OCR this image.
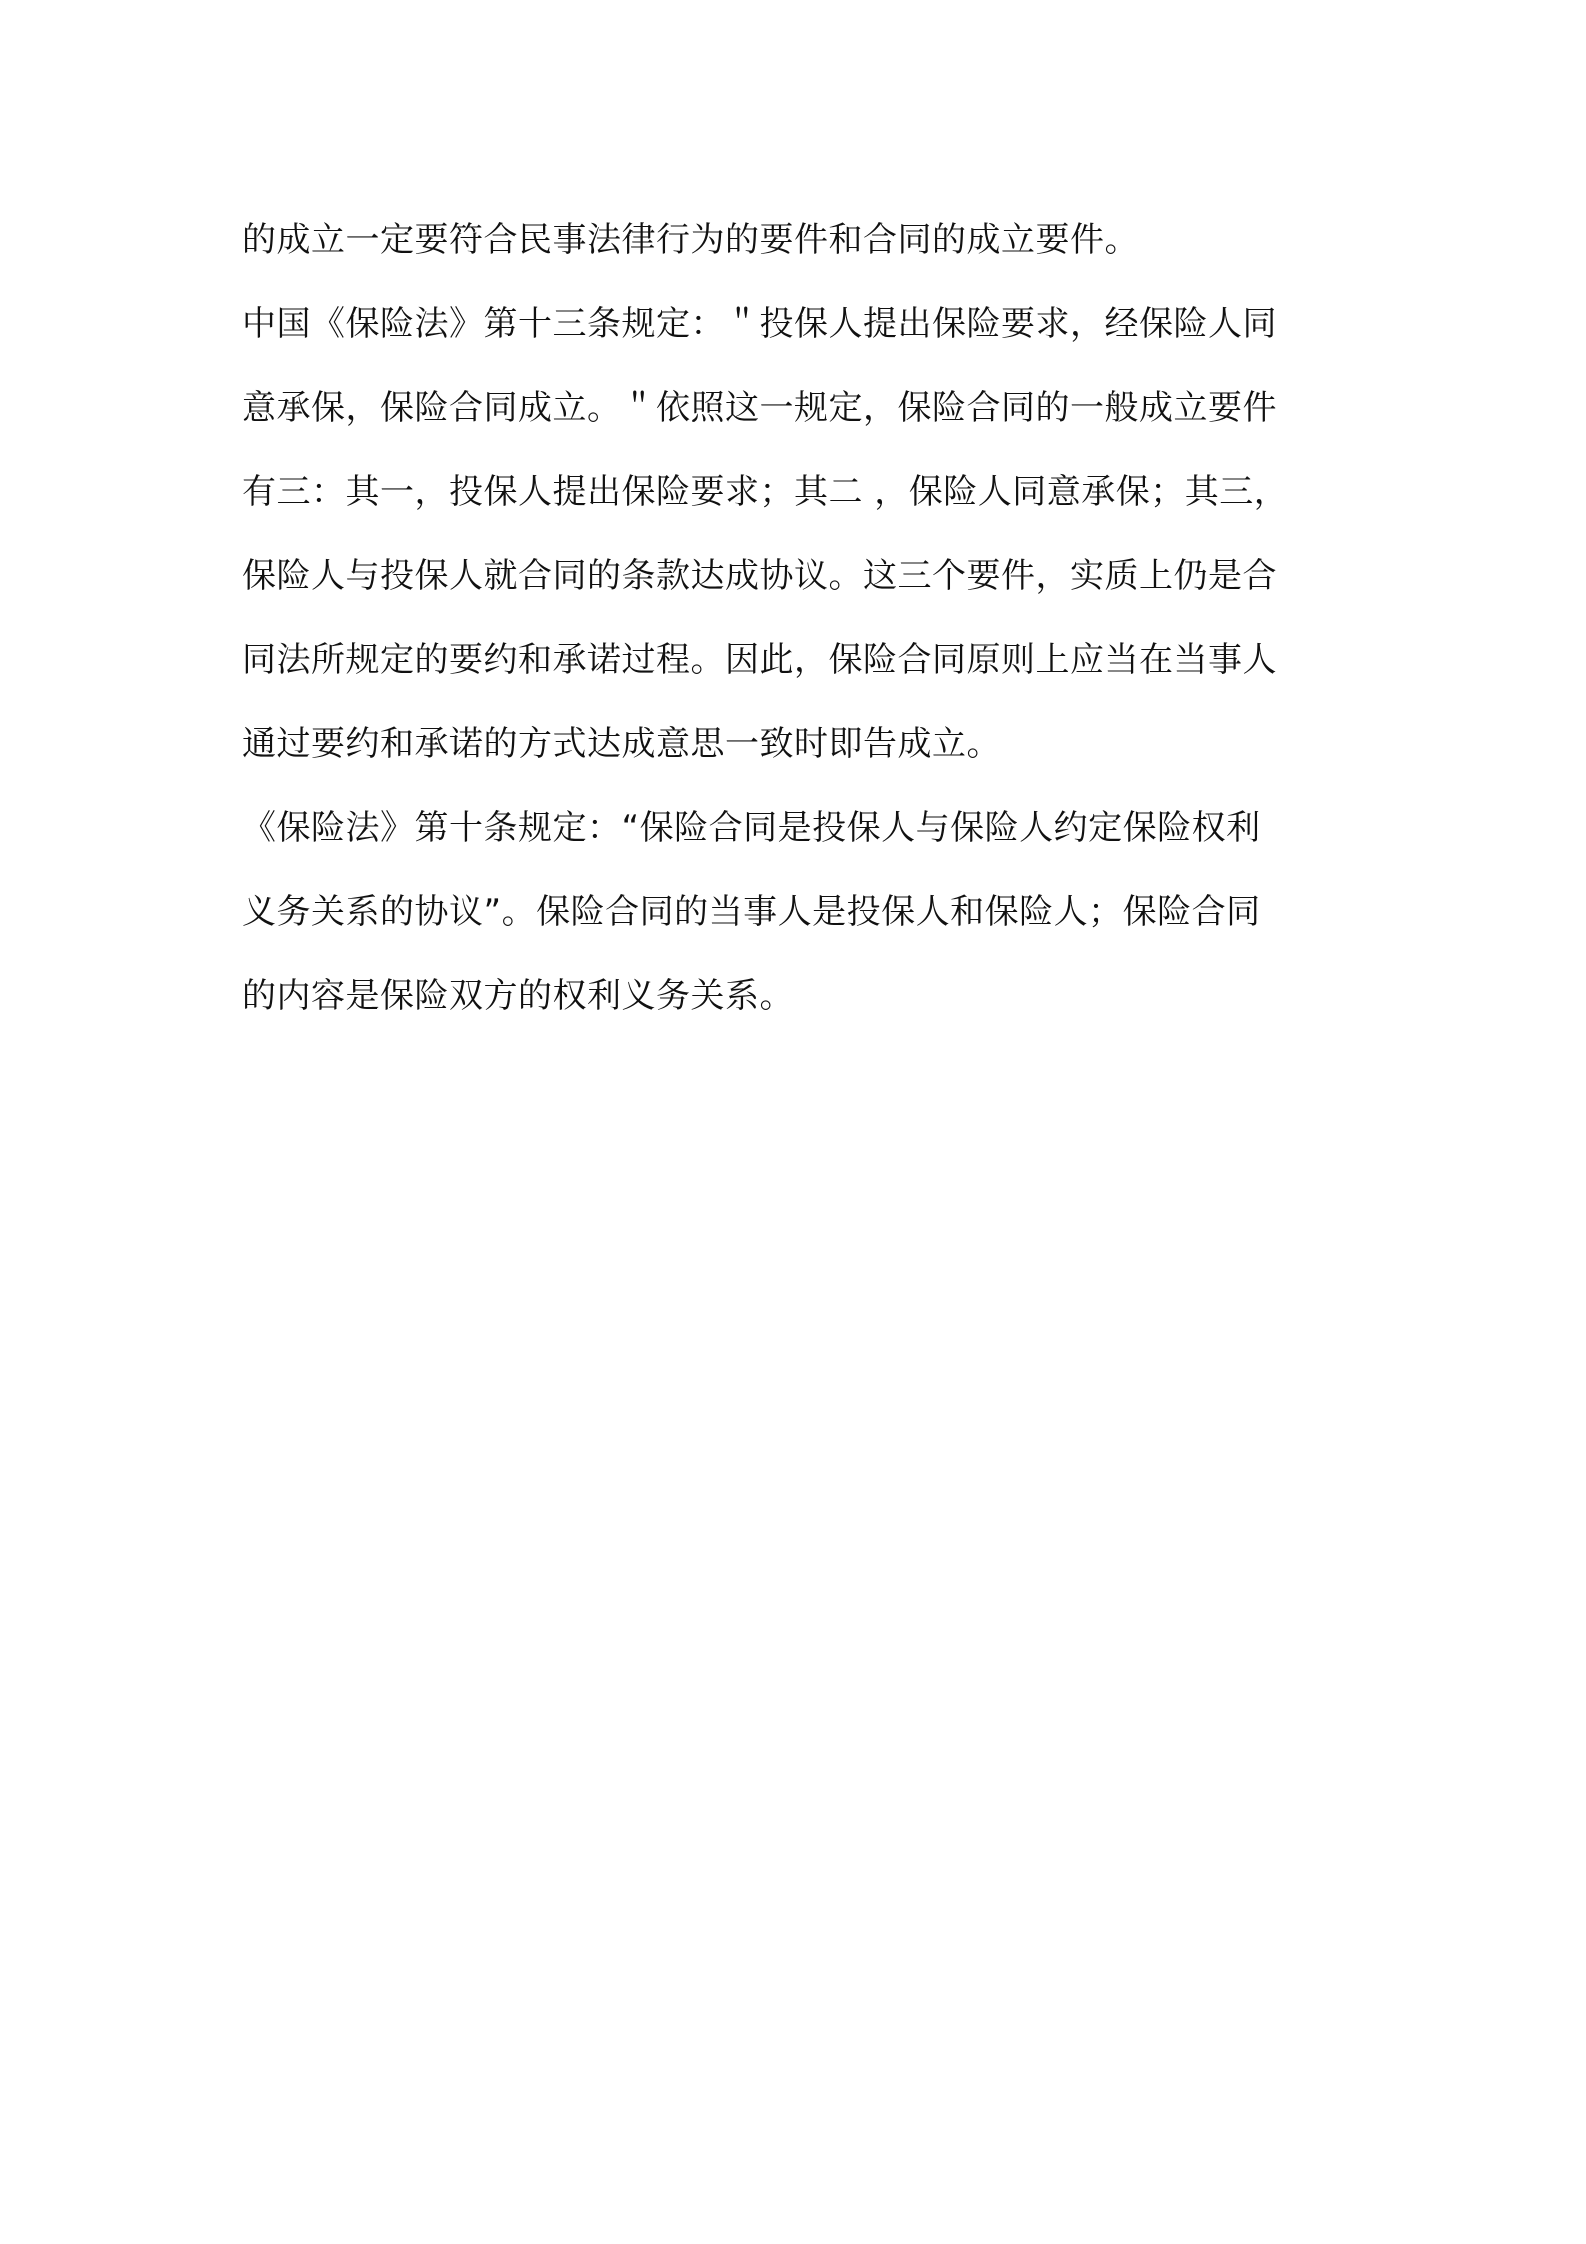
的成立一定要符合民事法律行为的要件和合同的成立要件。
中国《保险法》第十三条规定：＂投保人提出保险要求，经保险人同
意承保，保险合同成立。＂依照这一规定，保险合同的一般成立要件
有三：其一，投保人提出保险要求；其二 ，保险人同意承保；其三，
保险人与投保人就合同的条款达成协议。这三个要件，实质上仍是合
同法所规定的要约和承诺过程。因此，保险合同原则上应当在当事人
通过要约和承诺的方式达成意思一致时即告成立。
《保险法》第十条规定：“保险合同是投保人与保险人约定保险权利
义务关系的协议”。保险合同的当事人是投保人和保险人；保险合同
的内容是保险双方的权利义务关系。
